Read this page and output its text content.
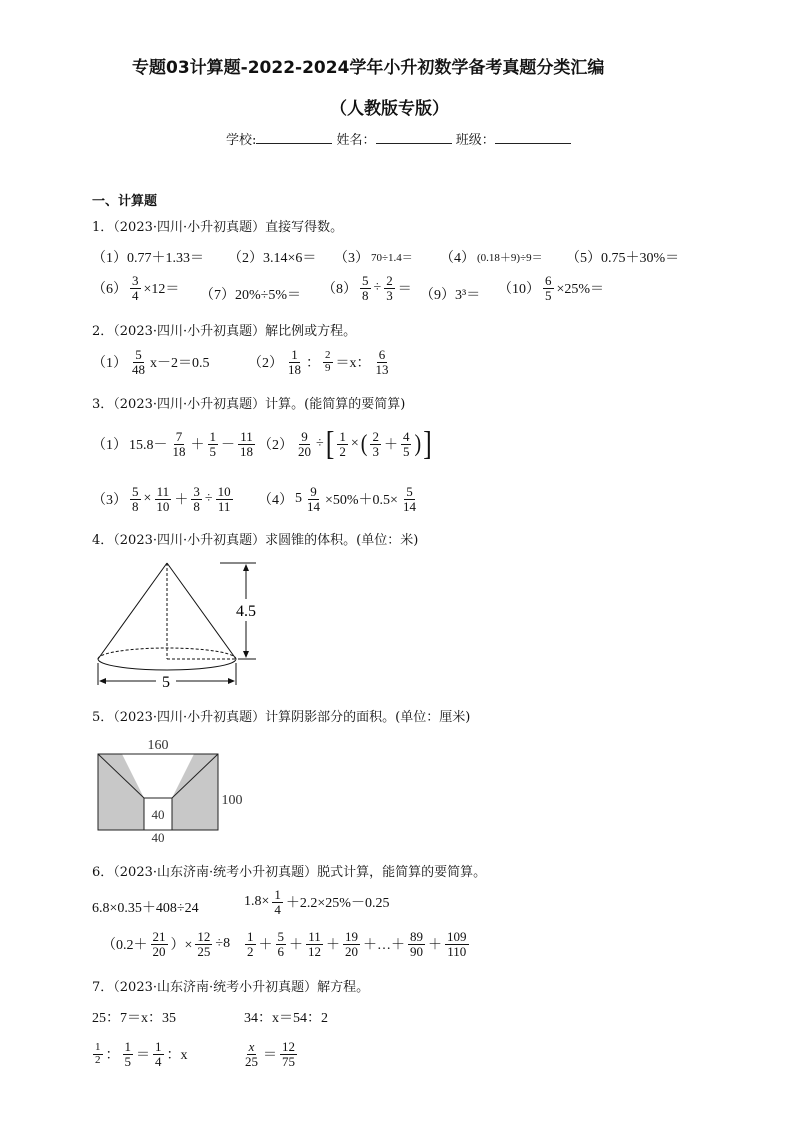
专题03计算题-2022-2024学年小升初数学备考真题分类汇编
（人教版专版）
学校:	姓名：	班级：
一、计算题
1．（2023·四川·小升初真题）直接写得数。
（1）0.77＋1.33＝ （2）3.14×6＝ （3） 70÷1.4＝ （4） (0.18＋9)÷9＝ （5）0.75＋30%＝
$(6) \frac{3}{4} \times 12= (7)20\%\div 5\%= (8) \frac{5}{8} \div \frac{2}{3} = (9)3^3= (10) \frac{6}{5} \times 25\%=$
2．（2023·四川·小升初真题）解比例或方程。
$(1) \frac{5}{48} x-2=0.5$	$(2) \frac{1}{18}$ ： $\frac{2}{9} =x$： $\frac{6}{13}$
3．（2023·四川·小升初真题）计算。(能简算的要简算)
（1） $15.8- \frac{7}{18} + \frac{1}{5} - \frac{11}{18} (2) \frac{9}{20}$ ÷ [ $\frac{1}{2}$ × ( $\frac{2}{3} + \frac{4}{5}$ ) ]
$(3) \frac{5}{8} \times \frac{11}{10} + \frac{3}{8} \div \frac{10}{11} (4)$ $5 \frac{9}{14} \times 50\%+0.5\times \frac{5}{14}$
4．（2023·四川·小升初真题）求圆锥的体积。(单位：米)
4.5
5
5．（2023·四川·小升初真题）计算阴影部分的面积。(单位：厘米)
160
40
40
100
6．（2023·山东济南·统考小升初真题）脱式计算，能简算的要简算。
6.8×0.35＋408÷24	$1.8\times \frac{1}{4} +2.2\times 25\%-0.25$
（$0.2+ \frac{21}{20}$ ）× $\frac{12}{25} \div 8 \frac{1}{2} + \frac{5}{6} + \frac{11}{12} + \frac{19}{20}$ ＋…＋ $\frac{89}{90} + \frac{109}{110}$
7．（2023·山东济南·统考小升初真题）解方程。
25：7＝x：35	34：x＝54：2
$\frac{1}{2}$ ： $\frac{1}{5} = \frac{1}{4}$ ：x	$\frac{x}{25} = \frac{12}{75}$
